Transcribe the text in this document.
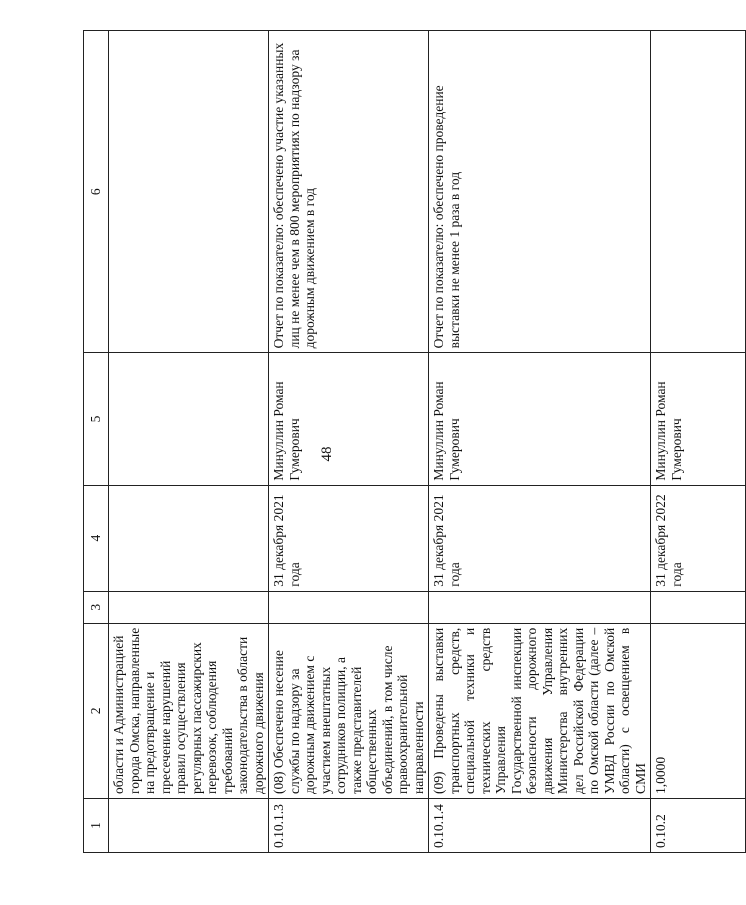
48
1	2	3	4	5	6
	области и Администрацией города Омска, направленные на предотвращение и пресечение нарушений правил осуществления регулярных пассажирских перевозок, соблюдения требований законодательства в области дорожного движения				
0.10.1.3	(08) Обеспечено несение службы по надзору за дорожным движением с участием внештатных сотрудников полиции, а также представителей общественных объединений, в том числе правоохранительной направленности		31 декабря 2021 года	Минуллин Роман Гумерович	Отчет по показателю: обеспечено участие указанных лиц не менее чем в 800 мероприятиях по надзору за дорожным движением в год
0.10.1.4	(09) Проведены выставки транспортных средств, специальной техники и технических средств Управления Государственной инспекции безопасности дорожного движения Управления Министерства внутренних дел Российской Федерации по Омской области (далее – УМВД России по Омской области) с освещением в СМИ		31 декабря 2021 года	Минуллин Роман Гумерович	Отчет по показателю: обеспечено проведение выставки не менее 1 раза в год
0.10.2	1,0000		31 декабря 2022 года	Минуллин Роман Гумерович	
